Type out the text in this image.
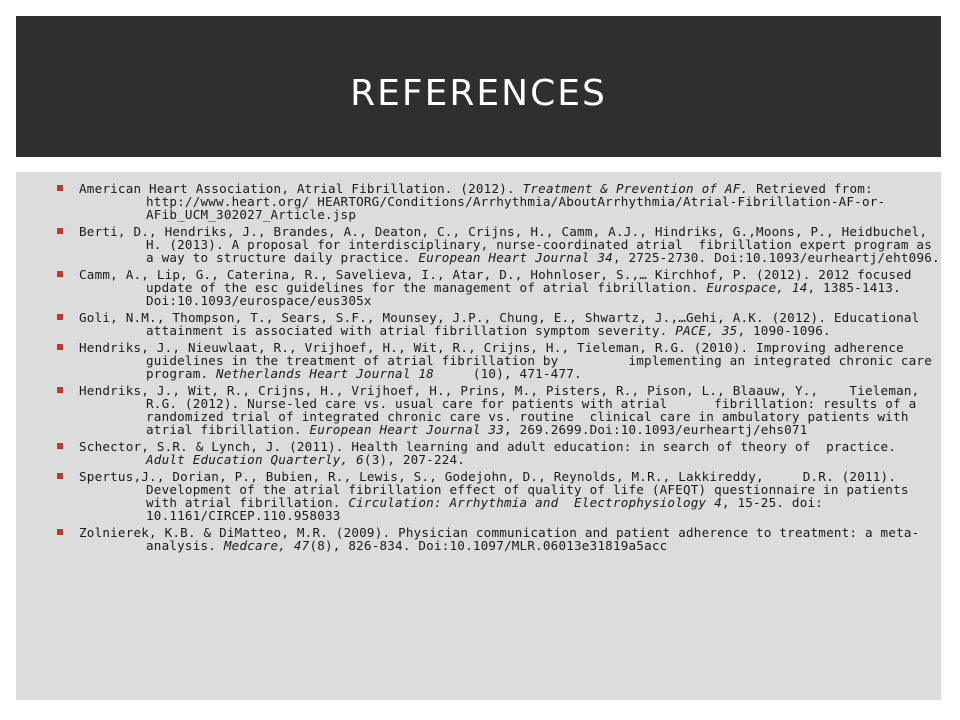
REFERENCES
American Heart Association, Atrial Fibrillation. (2012). Treatment & Prevention of AF. Retrieved from: http://www.heart.org/ HEARTORG/Conditions/Arrhythmia/AboutArrhythmia/Atrial-Fibrillation-AF-or-AFib_UCM_302027_Article.jsp
Berti, D., Hendriks, J., Brandes, A., Deaton, C., Crijns, H., Camm, A.J., Hindriks, G.,Moons, P., Heidbuchel, H. (2013). A proposal for interdisciplinary, nurse-coordinated atrial  fibrillation expert program as a way to structure daily practice. European Heart Journal 34, 2725-2730. Doi:10.1093/eurheartj/eht096.
Camm, A., Lip, G., Caterina, R., Savelieva, I., Atar, D., Hohnloser, S.,… Kirchhof, P. (2012). 2012 focused update of the esc guidelines for the management of atrial fibrillation. Eurospace, 14, 1385-1413. Doi:10.1093/eurospace/eus305x
Goli, N.M., Thompson, T., Sears, S.F., Mounsey, J.P., Chung, E., Shwartz, J.,…Gehi, A.K. (2012). Educational attainment is associated with atrial fibrillation symptom severity. PACE, 35, 1090-1096.
Hendriks, J., Nieuwlaat, R., Vrijhoef, H., Wit, R., Crijns, H., Tieleman, R.G. (2010). Improving adherence guidelines in the treatment of atrial fibrillation by         implementing an integrated chronic care program. Netherlands Heart Journal 18     (10), 471-477.
Hendriks, J., Wit, R., Crijns, H., Vrijhoef, H., Prins, M., Pisters, R., Pison, L., Blaauw, Y.,    Tieleman, R.G. (2012). Nurse-led care vs. usual care for patients with atrial      fibrillation: results of a randomized trial of integrated chronic care vs. routine  clinical care in ambulatory patients with atrial fibrillation. European Heart Journal 33, 269.2699.Doi:10.1093/eurheartj/ehs071
Schector, S.R. & Lynch, J. (2011). Health learning and adult education: in search of theory of  practice. Adult Education Quarterly, 6(3), 207-224.
Spertus,J., Dorian, P., Bubien, R., Lewis, S., Godejohn, D., Reynolds, M.R., Lakkireddy,     D.R. (2011). Development of the atrial fibrillation effect of quality of life (AFEQT) questionnaire in patients with atrial fibrillation. Circulation: Arrhythmia and  Electrophysiology 4, 15-25. doi: 10.1161/CIRCEP.110.958033
Zolnierek, K.B. & DiMatteo, M.R. (2009). Physician communication and patient adherence to treatment: a meta-analysis. Medcare, 47(8), 826-834. Doi:10.1097/MLR.06013e31819a5acc
